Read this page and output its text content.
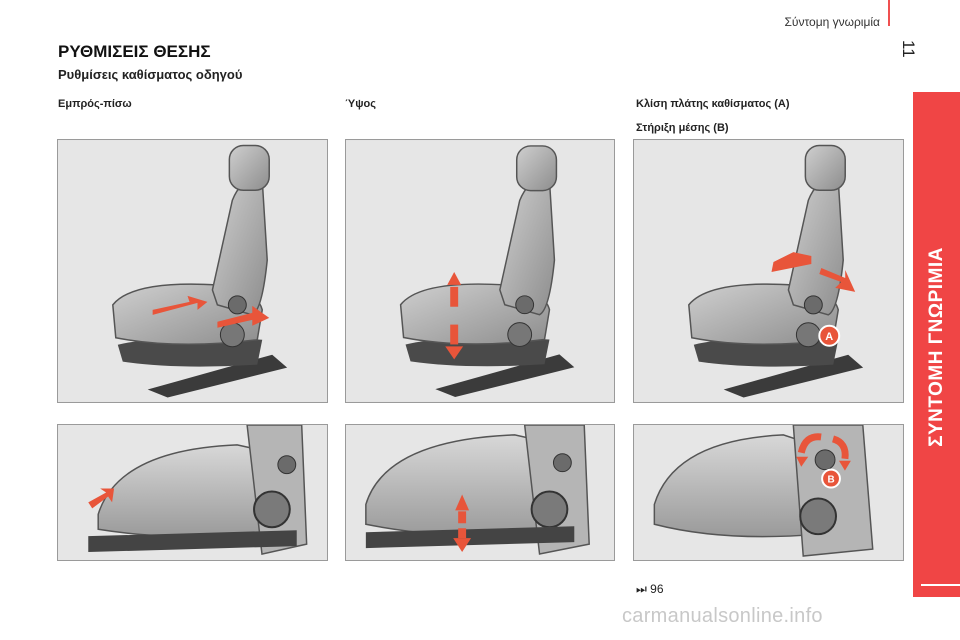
Σύντομη γνωριμία
11
ΣΥΝΤΟΜΗ ΓΝΩΡΙΜΙΑ
ΡΥΘΜΙΣΕΙΣ ΘΕΣΗΣ
Ρυθμίσεις καθίσματος οδηγού
Εμπρός-πίσω	Ύψος	Κλίση πλάτης καθίσματος (A)
Στήριξη μέσης (B)
A
B
⏭ 96
carmanualsonline.info
